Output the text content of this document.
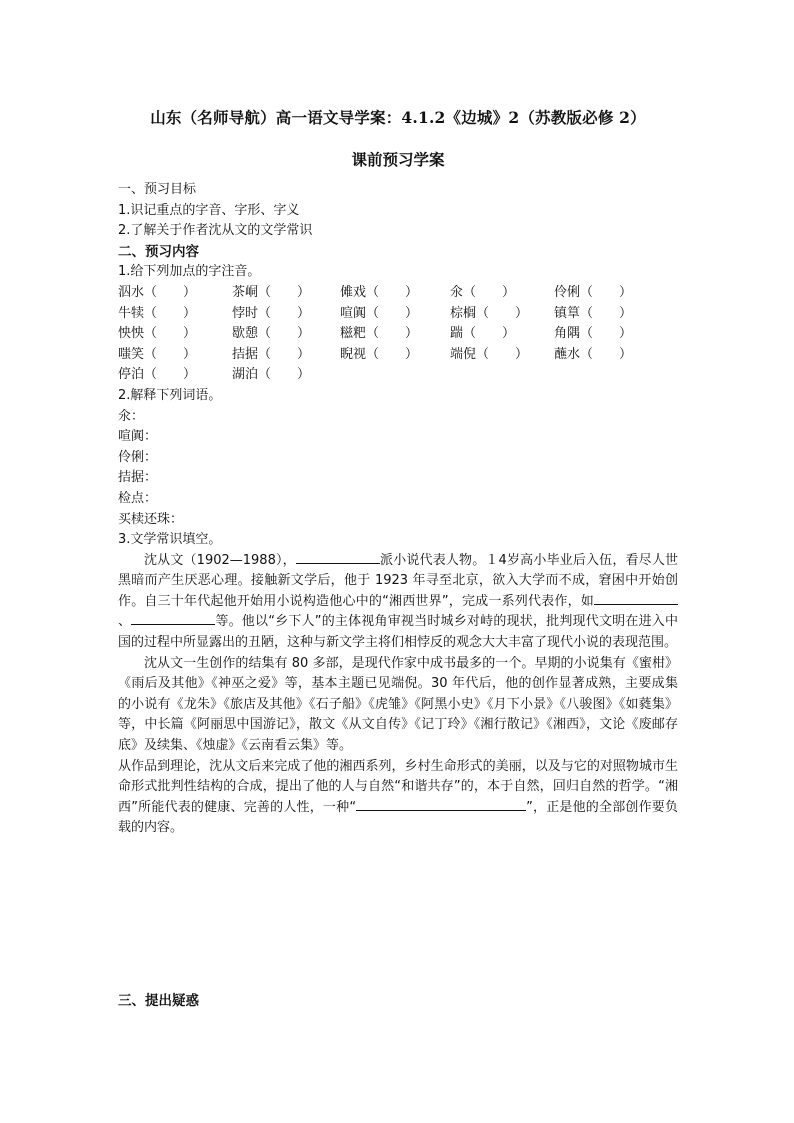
山东（名师导航）高一语文导学案：4.1.2《边城》2（苏教版必修 2）
课前预习学案
一、预习目标
1.识记重点的字音、字形、字义
2.了解关于作者沈从文的文学常识
二、预习内容
1.给下列加点的字注音。
泅水（　　）	茶峒（　　） 傩戏（　　） 氽（　　）	伶俐（　　）
牛犊（　　）	悖时（　　） 喧阗（　　） 棕榈（　　） 镇筸（　　）
怏怏（　　）	歇憩（　　） 糍粑（　　） 踹（　　）	角隅（　　）
嗤笑（　　）	拮据（　　） 睨视（　　） 端倪（　　） 蘸水（　　）
停泊（　　）	湖泊（　　）
2.解释下列词语。
氽：
喧阗：
伶俐：
拮据：
检点：
买椟还珠：
3.文学常识填空。

沈从文（1902—1988），	派小说代表人物。１4岁高小毕业后入伍，看尽人世黑暗而产生厌恶心理。接触新文学后，他于 1923 年寻至北京，欲入大学而不成，窘困中开始创作。自三十年代起他开始用小说构造他心中的“湘西世界”，完成一系列代表作，如、	等。他以“乡下人”的主体视角审视当时城乡对峙的现状，批判现代文明在进入中国的过程中所显露出的丑陋，这种与新文学主将们相悖反的观念大大丰富了现代小说的表现范围。

沈从文一生创作的结集有 80 多部，是现代作家中成书最多的一个。早期的小说集有《蜜柑》《雨后及其他》《神巫之爱》等，基本主题已见端倪。30 年代后，他的创作显著成熟，主要成集的小说有《龙朱》《旅店及其他》《石子船》《虎雏》《阿黑小史》《月下小景》《八骏图》《如蕤集》等，中长篇《阿丽思中国游记》，散文《从文自传》《记丁玲》《湘行散记》《湘西》，文论《废邮存底》及续集、《烛虚》《云南看云集》等。

从作品到理论，沈从文后来完成了他的湘西系列，乡村生命形式的美丽，以及与它的对照物城市生命形式批判性结构的合成，提出了他的人与自然“和谐共存”的，本于自然，回归自然的哲学。“湘西”所能代表的健康、完善的人性，一种“	”，正是他的全部创作要负载的内容。

三、提出疑惑
